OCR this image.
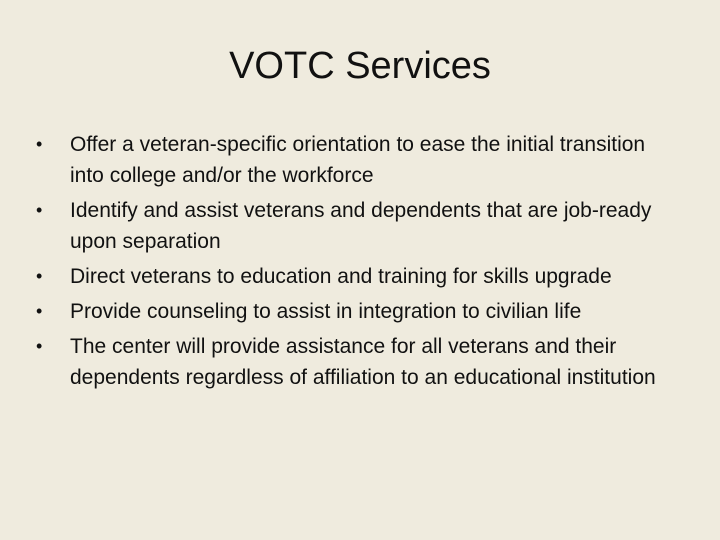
VOTC Services
•	Offer a veteran-specific orientation to ease the initial transition into college and/or the workforce
•	Identify and assist veterans and dependents that are job-ready upon separation
•	Direct veterans to education and training for skills upgrade
•	Provide counseling to assist in integration to civilian life
•	The center will provide assistance for all veterans and their dependents regardless of affiliation to an educational institution
